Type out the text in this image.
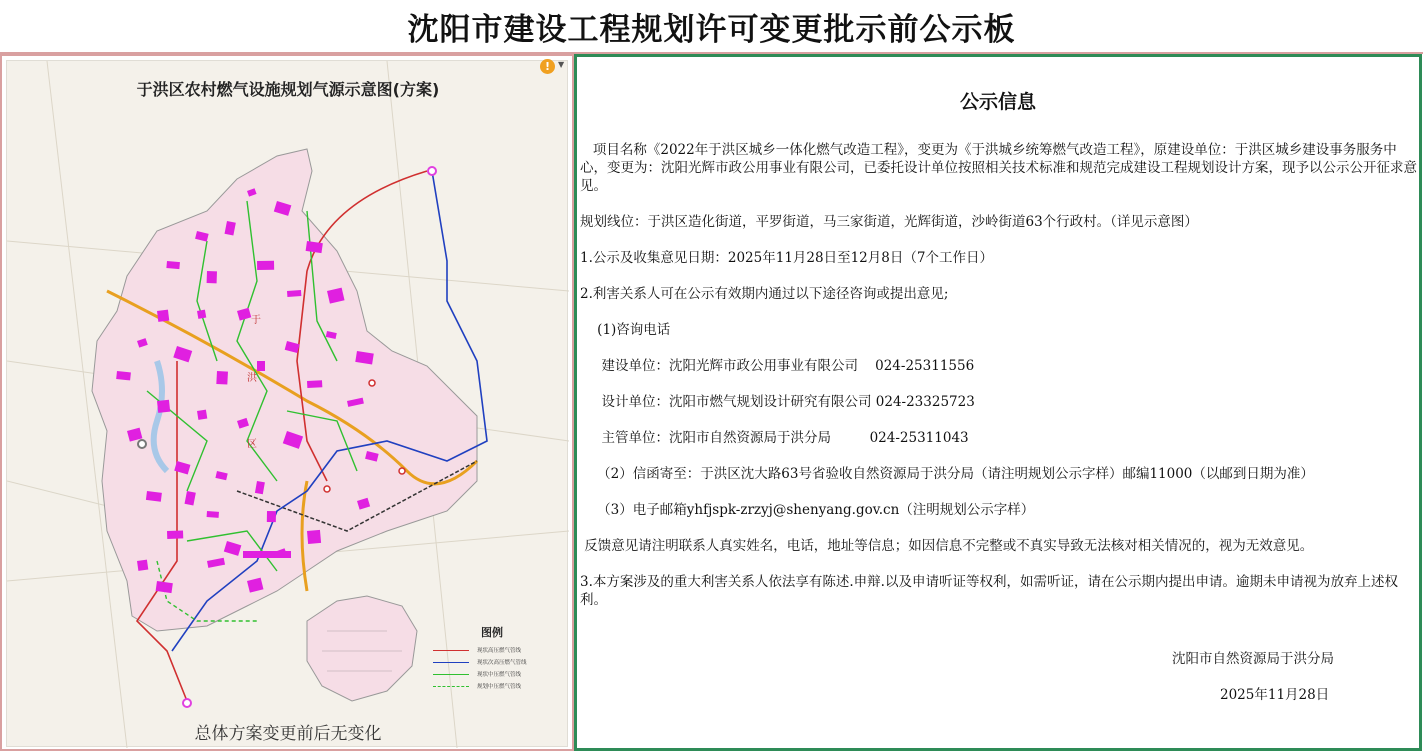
沈阳市建设工程规划许可变更批示前公示板
于
洪
区
于洪区农村燃气设施规划气源示意图(方案)
图例
现状高压燃气管线
现状次高压燃气管线
现状中压燃气管线
规划中压燃气管线
总体方案变更前后无变化
! ▼
公示信息
项目名称《2022年于洪区城乡一体化燃气改造工程》，变更为《于洪城乡统筹燃气改造工程》，原建设单位：于洪区城乡建设事务服务中心，变更为：沈阳光辉市政公用事业有限公司，已委托设计单位按照相关技术标准和规范完成建设工程规划设计方案，现予以公示公开征求意见。
规划线位：于洪区造化街道，平罗街道，马三家街道，光辉街道，沙岭街道63个行政村。（详见示意图）
1.公示及收集意见日期：2025年11月28日至12月8日（7个工作日）
2.利害关系人可在公示有效期内通过以下途径咨询或提出意见;
(1)咨询电话
建设单位：沈阳光辉市政公用事业有限公司    024-25311556
设计单位：沈阳市燃气规划设计研究有限公司 024-23325723
主管单位：沈阳市自然资源局于洪分局         024-25311043
（2）信函寄至：于洪区沈大路63号省验收自然资源局于洪分局（请注明规划公示字样）邮编11000（以邮到日期为准）
（3）电子邮箱yhfjspk-zrzyj@shenyang.gov.cn（注明规划公示字样）
反馈意见请注明联系人真实姓名，电话，地址等信息；如因信息不完整或不真实导致无法核对相关情况的，视为无效意见。
3.本方案涉及的重大利害关系人依法享有陈述.申辩.以及申请听证等权利，如需听证，请在公示期内提出申请。逾期未申请视为放弃上述权利。
沈阳市自然资源局于洪分局
2025年11月28日
